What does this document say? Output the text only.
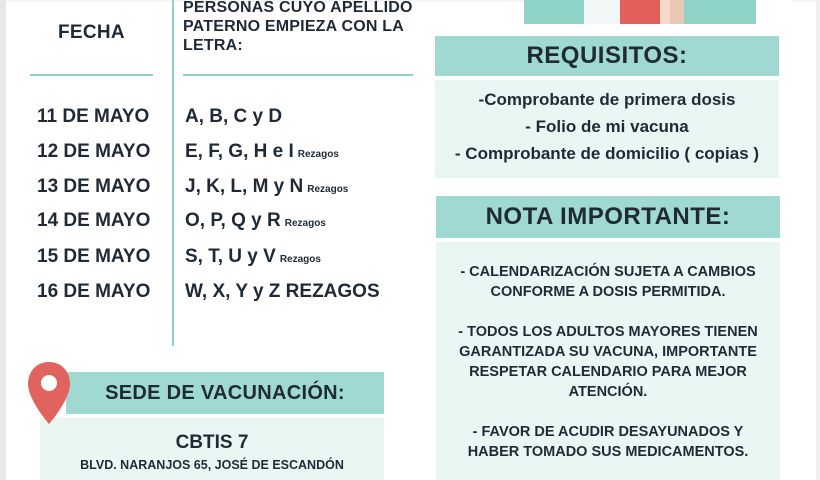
FECHA
PERSONAS CUYO APELLIDO PATERNO EMPIEZA CON LA LETRA:
11 DE MAYO A, B, C y D
12 DE MAYO E, F, G, H e I Rezagos
13 DE MAYO J, K, L, M y N Rezagos
14 DE MAYO O, P, Q y R Rezagos
15 DE MAYO S, T, U y V Rezagos
16 DE MAYO W, X, Y y Z REZAGOS
REQUISITOS:
-Comprobante de primera dosis
- Folio de mi vacuna
- Comprobante de domicilio ( copias )
NOTA IMPORTANTE:

- CALENDARIZACIÓN SUJETA A CAMBIOS CONFORME A DOSIS PERMITIDA.

- TODOS LOS ADULTOS MAYORES TIENEN GARANTIZADA SU VACUNA, IMPORTANTE RESPETAR CALENDARIO PARA MEJOR ATENCIÓN.

- FAVOR DE ACUDIR DESAYUNADOS Y HABER TOMADO SUS MEDICAMENTOS.

SEDE DE VACUNACIÓN:
CBTIS 7
BLVD. NARANJOS 65, JOSÉ DE ESCANDÓN
